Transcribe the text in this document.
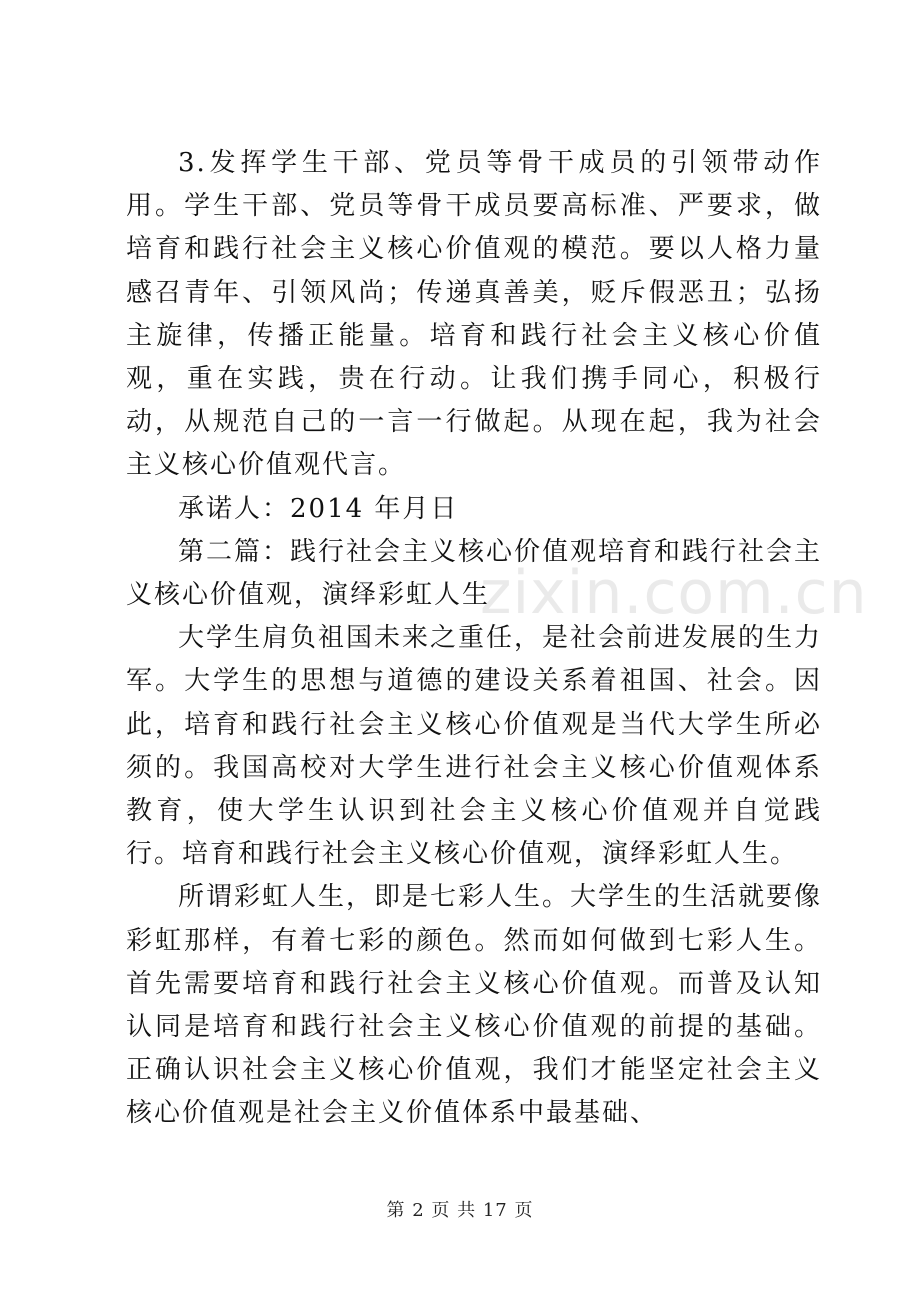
3.发挥学生干部、党员等骨干成员的引领带动作用。学生干部、党员等骨干成员要高标准、严要求，做培育和践行社会主义核心价值观的模范。要以人格力量感召青年、引领风尚；传递真善美，贬斥假恶丑；弘扬主旋律，传播正能量。培育和践行社会主义核心价值观，重在实践，贵在行动。让我们携手同心，积极行动，从规范自己的一言一行做起。从现在起，我为社会主义核心价值观代言。

承诺人：2014 年月日

第二篇：践行社会主义核心价值观培育和践行社会主义核心价值观，演绎彩虹人生

大学生肩负祖国未来之重任，是社会前进发展的生力军。大学生的思想与道德的建设关系着祖国、社会。因此，培育和践行社会主义核心价值观是当代大学生所必须的。我国高校对大学生进行社会主义核心价值观体系教育，使大学生认识到社会主义核心价值观并自觉践行。培育和践行社会主义核心价值观，演绎彩虹人生。

所谓彩虹人生，即是七彩人生。大学生的生活就要像彩虹那样，有着七彩的颜色。然而如何做到七彩人生。首先需要培育和践行社会主义核心价值观。而普及认知认同是培育和践行社会主义核心价值观的前提的基础。正确认识社会主义核心价值观，我们才能坚定社会主义核心价值观是社会主义价值体系中最基础、

zixin.com.cn
第 2 页 共 17 页
